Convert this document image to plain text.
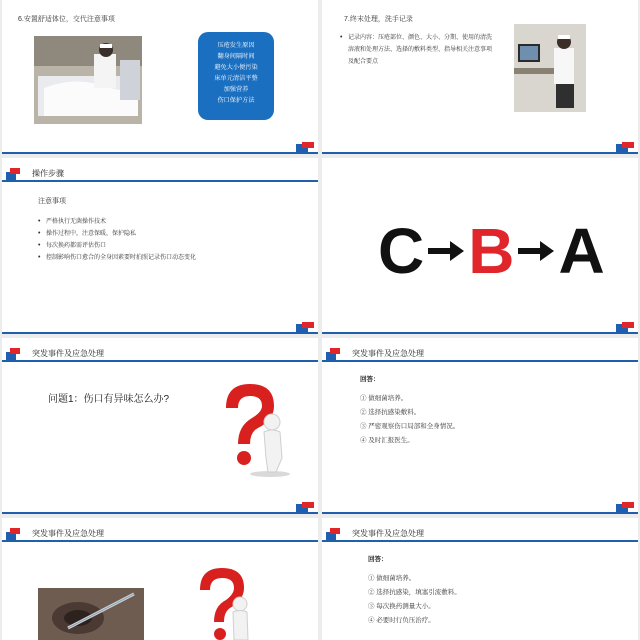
6.安置舒适体位，交代注意事项
压疮发生原因
翻身间隔时间
避免大小便污染
床单元清洁平整
加强营养
伤口保护方法
7.终末处理，洗手记录
• 记录内容：压疮部位、颜色、大小、分期、使用的清洗溶液和处理方法、选择的敷料类型、指导相关注意事项及配合要点
操作步骤
注意事项
• 严格执行无菌操作技术
• 操作过程中，注意保暖，保护隐私
• 每次换药都需评估伤口
• 控制影响伤口愈合的全身因素要时拍照记录伤口动态变化	C B A
突发事件及应急处理
问题1：伤口有异味怎么办?
突发事件及应急处理
回答：
① 做细菌培养。
② 选择抗感染敷料。
③ 严密观察伤口局部和全身情况。
④ 及时汇报医生。
突发事件及应急处理	突发事件及应急处理
回答：
① 做细菌培养。
② 选择抗感染，填塞引流敷料。
③ 每次换药测量大小。
④ 必要时行负压治疗。
